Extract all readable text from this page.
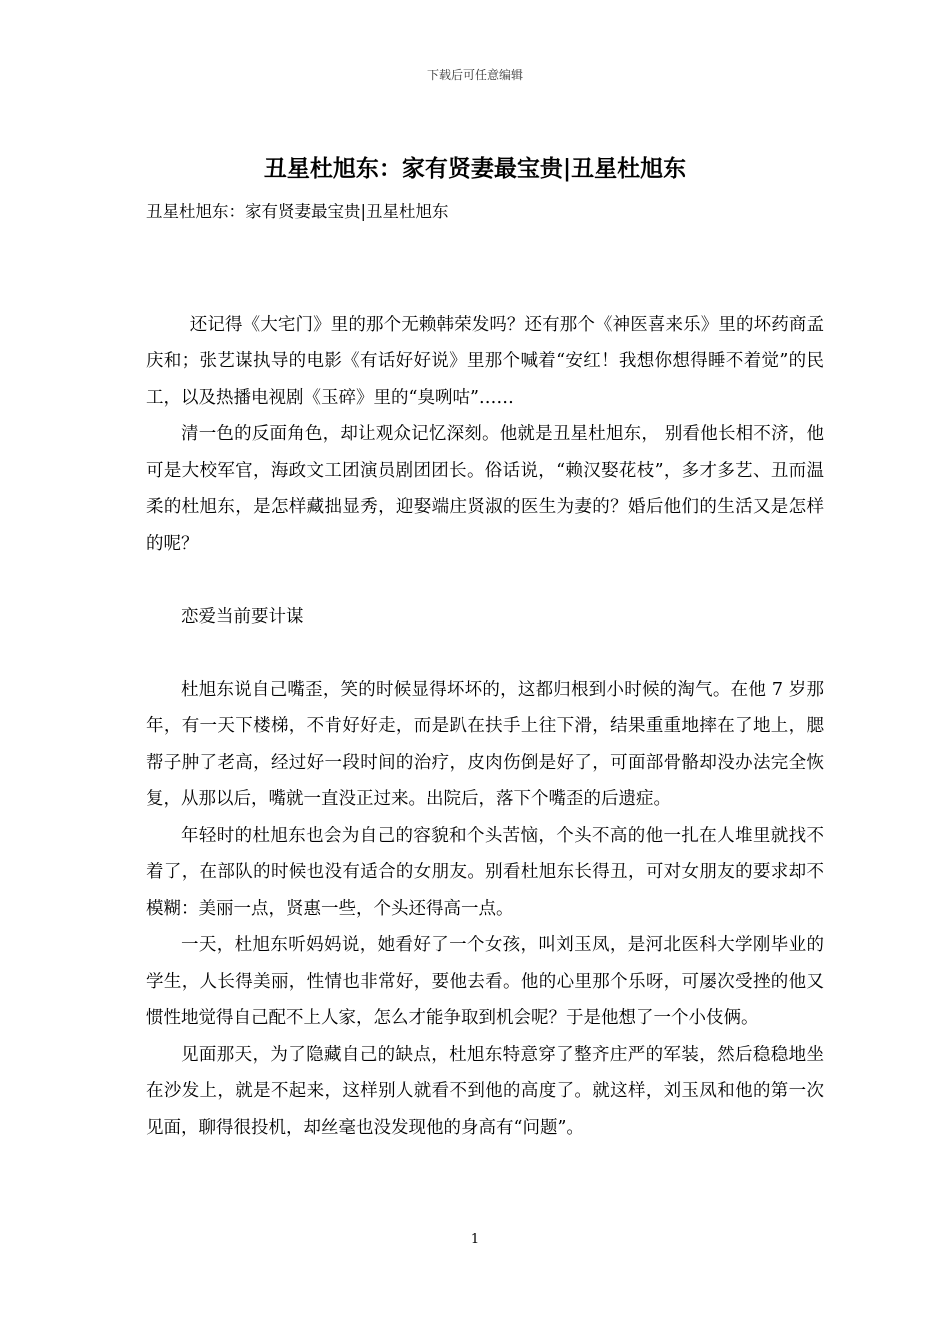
下载后可任意编辑
丑星杜旭东：家有贤妻最宝贵|丑星杜旭东

丑星杜旭东：家有贤妻最宝贵|丑星杜旭东

还记得《大宅门》里的那个无赖韩荣发吗？还有那个《神医喜来乐》里的坏药商孟庆和；张艺谋执导的电影《有话好好说》里那个喊着“安红！我想你想得睡不着觉”的民工，以及热播电视剧《玉碎》里的“臭咧咕”……

清一色的反面角色，却让观众记忆深刻。他就是丑星杜旭东， 别看他长相不济，他可是大校军官，海政文工团演员剧团团长。俗话说，“赖汉娶花枝”，多才多艺、丑而温柔的杜旭东，是怎样藏拙显秀，迎娶端庄贤淑的医生为妻的？婚后他们的生活又是怎样的呢？

恋爱当前要计谋

杜旭东说自己嘴歪，笑的时候显得坏坏的，这都归根到小时候的淘气。在他 7 岁那年，有一天下楼梯，不肯好好走，而是趴在扶手上往下滑，结果重重地摔在了地上，腮帮子肿了老高，经过好一段时间的治疗，皮肉伤倒是好了，可面部骨骼却没办法完全恢复，从那以后，嘴就一直没正过来。出院后，落下个嘴歪的后遗症。

年轻时的杜旭东也会为自己的容貌和个头苦恼，个头不高的他一扎在人堆里就找不着了，在部队的时候也没有适合的女朋友。别看杜旭东长得丑，可对女朋友的要求却不模糊：美丽一点，贤惠一些，个头还得高一点。

一天，杜旭东听妈妈说，她看好了一个女孩，叫刘玉凤，是河北医科大学刚毕业的学生，人长得美丽，性情也非常好，要他去看。他的心里那个乐呀，可屡次受挫的他又惯性地觉得自己配不上人家，怎么才能争取到机会呢？于是他想了一个小伎俩。

见面那天，为了隐藏自己的缺点，杜旭东特意穿了整齐庄严的军装，然后稳稳地坐在沙发上，就是不起来，这样别人就看不到他的高度了。就这样，刘玉凤和他的第一次见面，聊得很投机，却丝毫也没发现他的身高有“问题”。

1
